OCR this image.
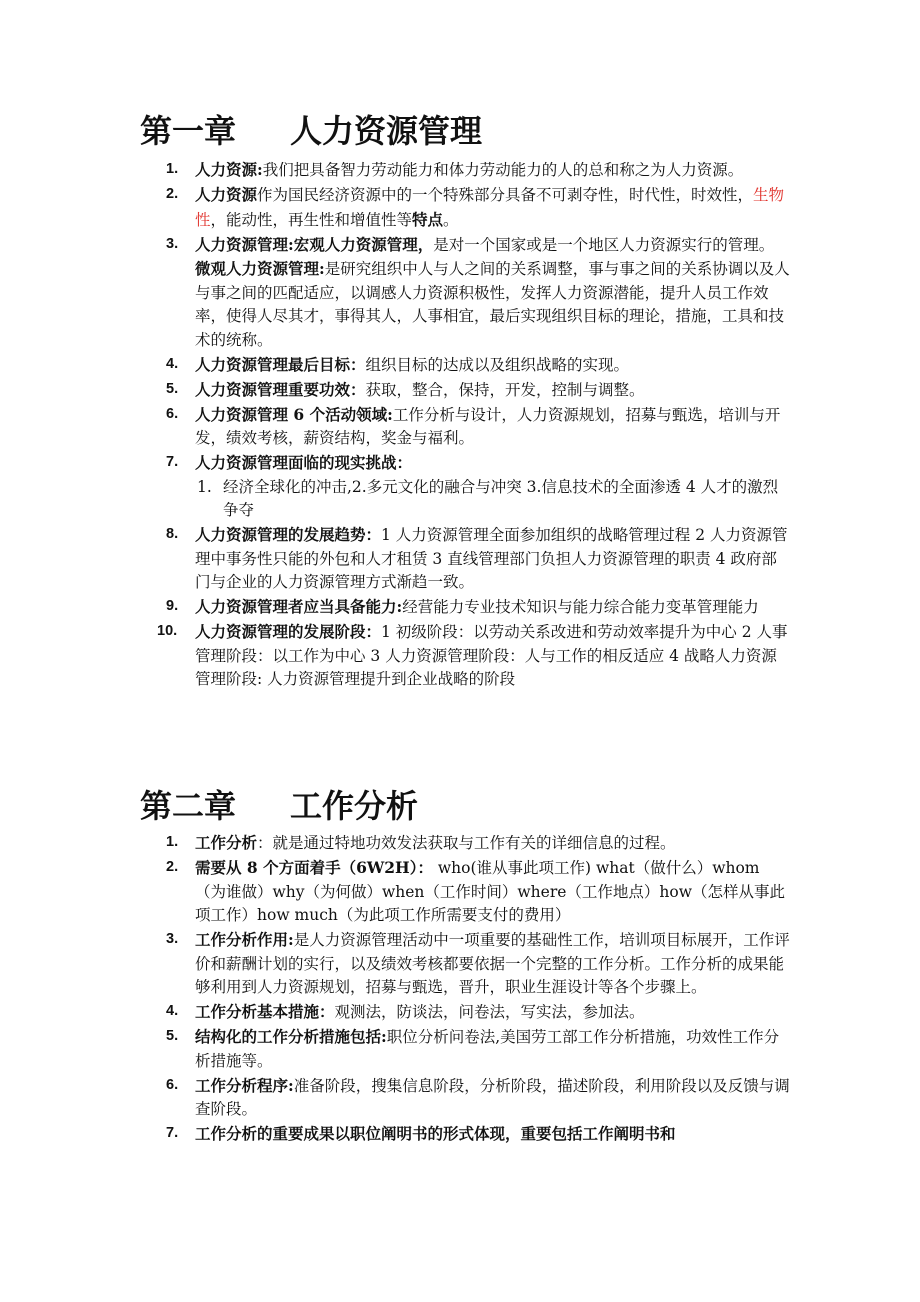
第一章 人力资源管理
1. 人力资源:我们把具备智力劳动能力和体力劳动能力的人的总和称之为人力资源。
2. 人力资源作为国民经济资源中的一个特殊部分具备不可剥夺性，时代性，时效性，生物性，能动性，再生性和增值性等特点。
3. 人力资源管理:宏观人力资源管理，是对一个国家或是一个地区人力资源实行的管理。
微观人力资源管理:是研究组织中人与人之间的关系调整，事与事之间的关系协调以及人与事之间的匹配适应，以调感人力资源积极性，发挥人力资源潜能，提升人员工作效率，使得人尽其才，事得其人，人事相宜，最后实现组织目标的理论，措施，工具和技术的统称。
4. 人力资源管理最后目标：组织目标的达成以及组织战略的实现。
5. 人力资源管理重要功效：获取，整合，保持，开发，控制与调整。
6. 人力资源管理 6 个活动领域:工作分析与设计，人力资源规划，招募与甄选，培训与开发，绩效考核，薪资结构，奖金与福利。
7. 人力资源管理面临的现实挑战：
1. 经济全球化的冲击,2.多元文化的融合与冲突 3.信息技术的全面渗透 4 人才的激烈争夺
8. 人力资源管理的发展趋势：1 人力资源管理全面参加组织的战略管理过程 2 人力资源管理中事务性只能的外包和人才租赁 3 直线管理部门负担人力资源管理的职责 4 政府部门与企业的人力资源管理方式渐趋一致。
9. 人力资源管理者应当具备能力:经营能力专业技术知识与能力综合能力变革管理能力
10. 人力资源管理的发展阶段：1 初级阶段：以劳动关系改进和劳动效率提升为中心 2 人事管理阶段：以工作为中心 3 人力资源管理阶段：人与工作的相反适应 4 战略人力资源管理阶段: 人力资源管理提升到企业战略的阶段
第二章 工作分析
1. 工作分析：就是通过特地功效发法获取与工作有关的详细信息的过程。
2. 需要从 8 个方面着手（6W2H）： who(谁从事此项工作) what（做什么）whom（为谁做）why（为何做）when（工作时间）where（工作地点）how（怎样从事此项工作）how much（为此项工作所需要支付的费用）
3. 工作分析作用:是人力资源管理活动中一项重要的基础性工作，培训项目标展开，工作评价和薪酬计划的实行，以及绩效考核都要依据一个完整的工作分析。工作分析的成果能够利用到人力资源规划，招募与甄选，晋升，职业生涯设计等各个步骤上。
4. 工作分析基本措施：观测法，防谈法，问卷法，写实法，参加法。
5. 结构化的工作分析措施包括:职位分析问卷法,美国劳工部工作分析措施，功效性工作分析措施等。
6. 工作分析程序:准备阶段，搜集信息阶段，分析阶段，描述阶段，利用阶段以及反馈与调查阶段。
7. 工作分析的重要成果以职位阐明书的形式体现，重要包括工作阐明书和
